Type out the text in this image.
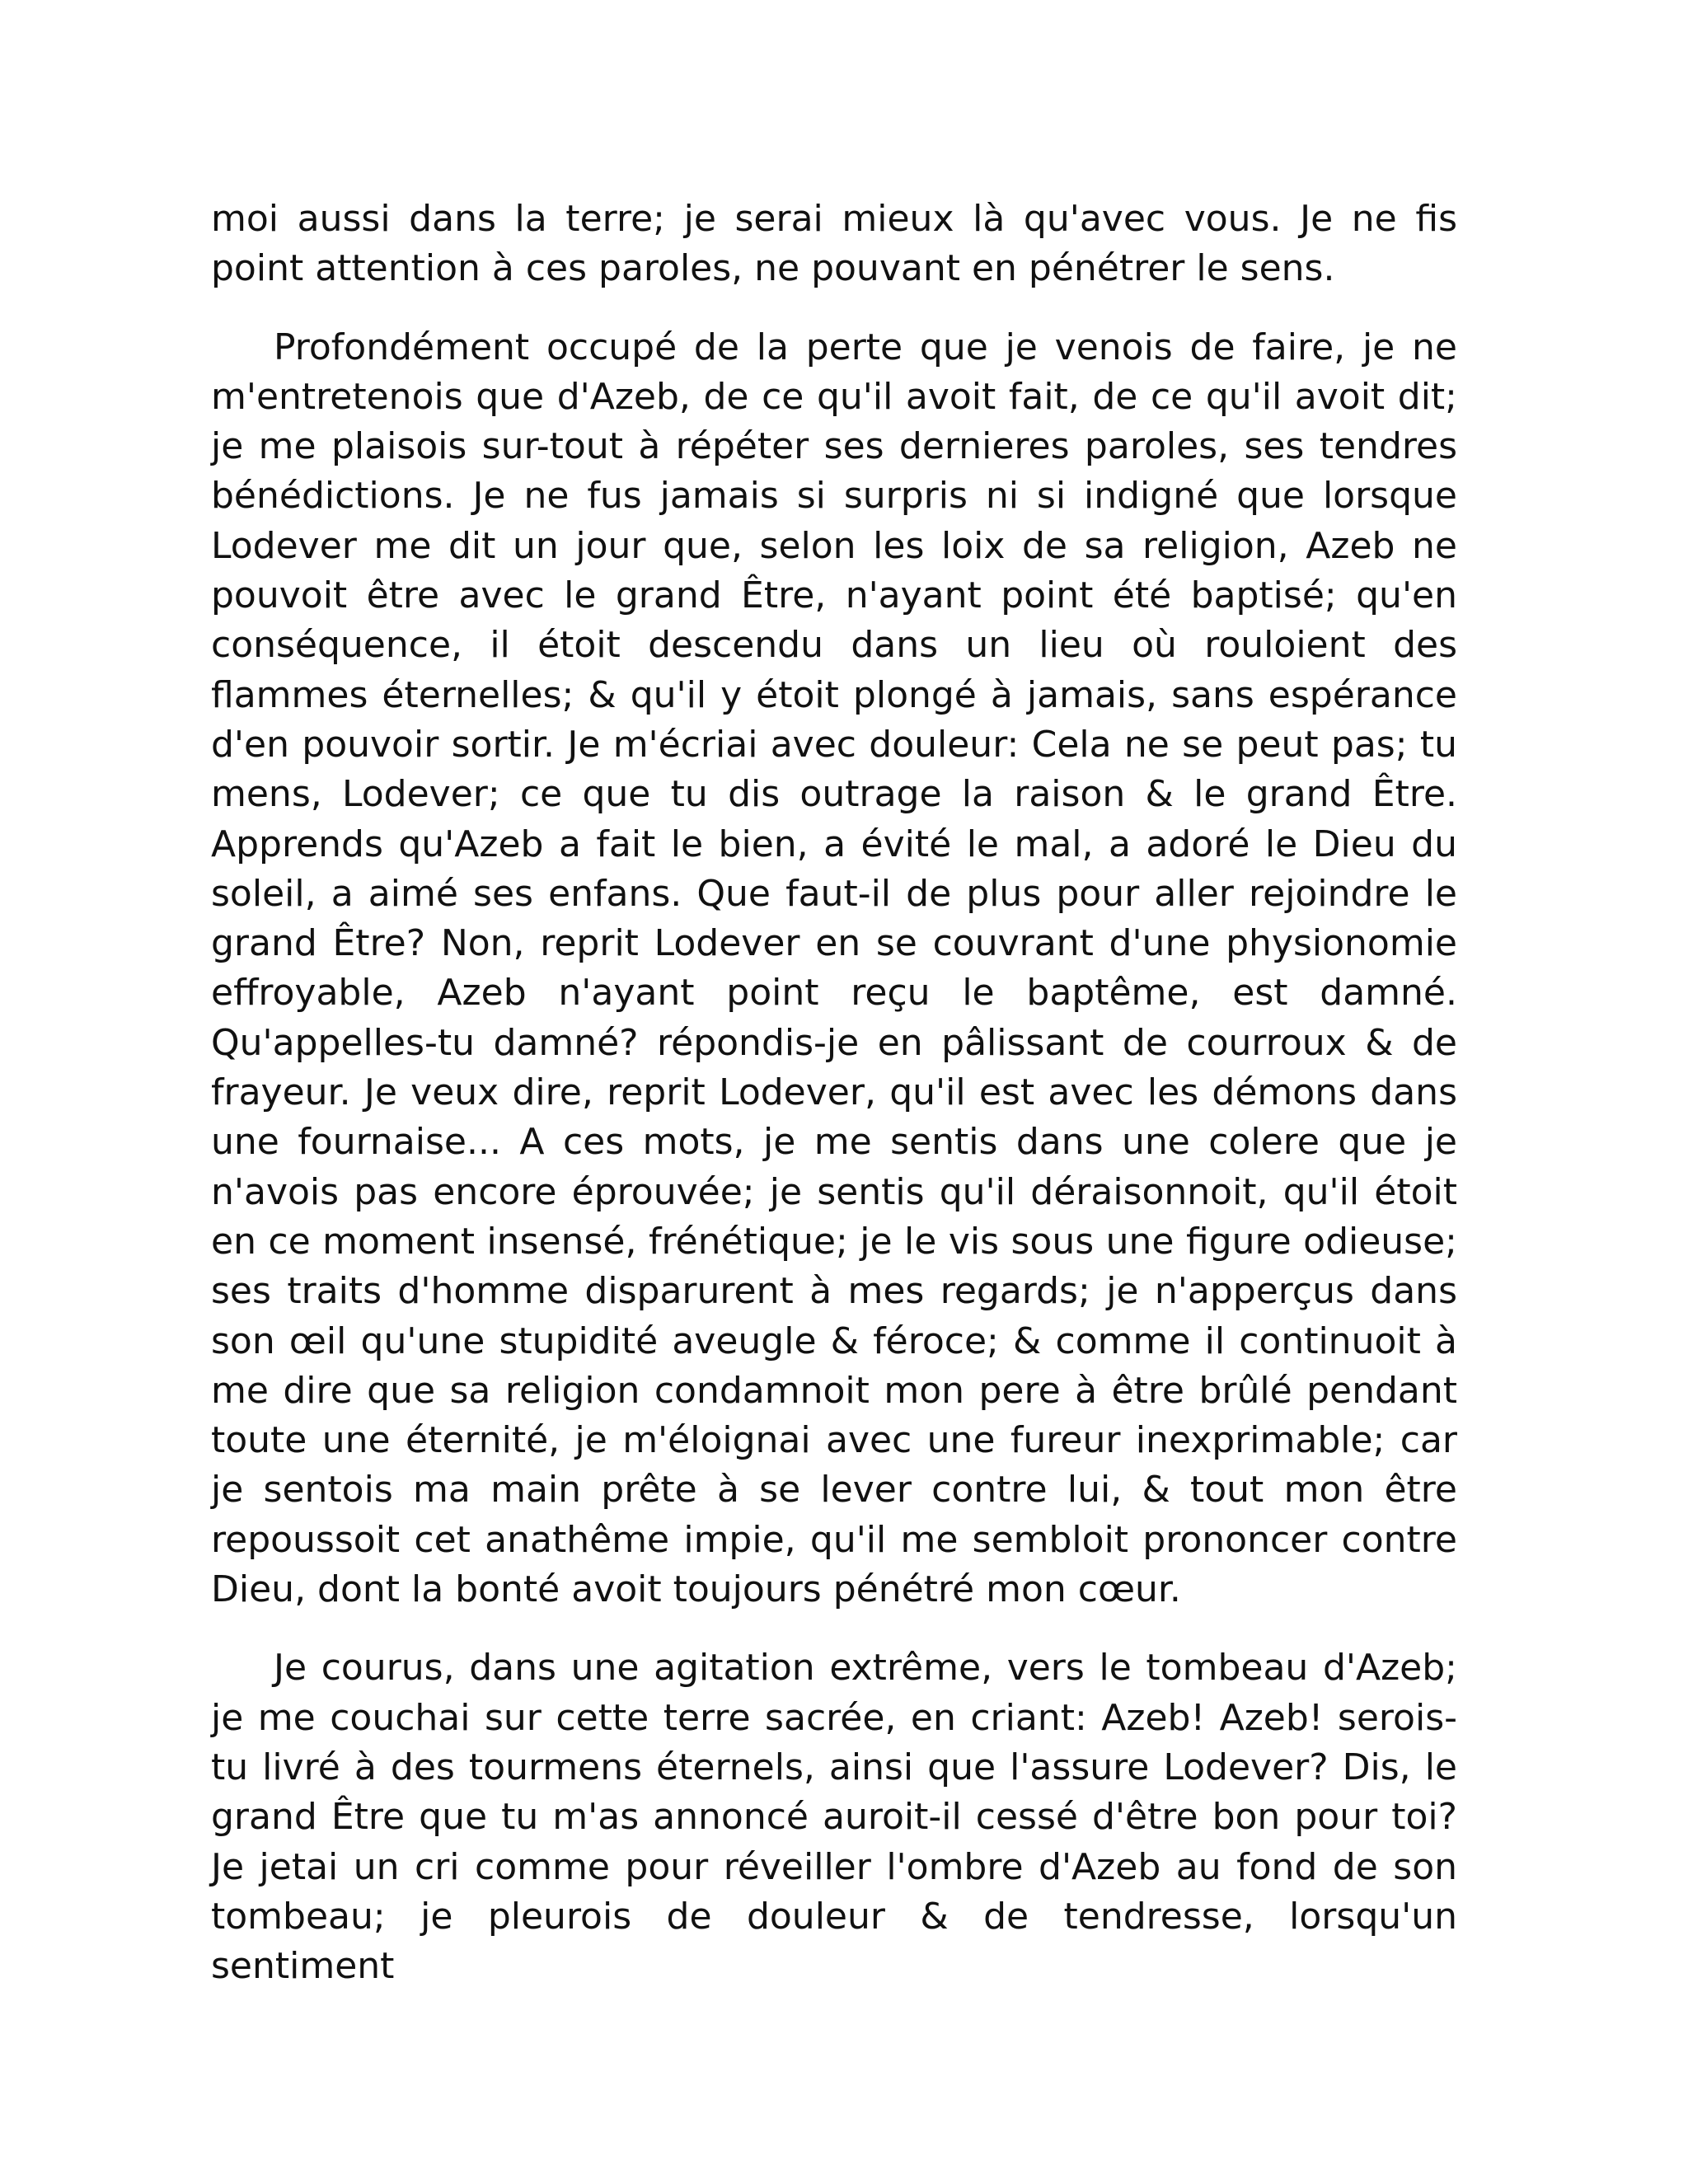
moi aussi dans la terre; je serai mieux là qu'avec vous. Je ne fis point attention à ces paroles, ne pouvant en pénétrer le sens.

Profondément occupé de la perte que je venois de faire, je ne m'entretenois que d'Azeb, de ce qu'il avoit fait, de ce qu'il avoit dit; je me plaisois sur-tout à répéter ses dernieres paroles, ses tendres bénédictions. Je ne fus jamais si surpris ni si indigné que lorsque Lodever me dit un jour que, selon les loix de sa religion, Azeb ne pouvoit être avec le grand Être, n'ayant point été baptisé; qu'en conséquence, il étoit descendu dans un lieu où rouloient des flammes éternelles; & qu'il y étoit plongé à jamais, sans espérance d'en pouvoir sortir. Je m'écriai avec douleur: Cela ne se peut pas; tu mens, Lodever; ce que tu dis outrage la raison & le grand Être. Apprends qu'Azeb a fait le bien, a évité le mal, a adoré le Dieu du soleil, a aimé ses enfans. Que faut-il de plus pour aller rejoindre le grand Être? Non, reprit Lodever en se couvrant d'une physionomie effroyable, Azeb n'ayant point reçu le baptême, est damné. Qu'appelles-tu damné? répondis-je en pâlissant de courroux & de frayeur. Je veux dire, reprit Lodever, qu'il est avec les démons dans une fournaise... A ces mots, je me sentis dans une colere que je n'avois pas encore éprouvée; je sentis qu'il déraisonnoit, qu'il étoit en ce moment insensé, frénétique; je le vis sous une figure odieuse; ses traits d'homme disparurent à mes regards; je n'apperçus dans son œil qu'une stupidité aveugle & féroce; & comme il continuoit à me dire que sa religion condamnoit mon pere à être brûlé pendant toute une éternité, je m'éloignai avec une fureur inexprimable; car je sentois ma main prête à se lever contre lui, & tout mon être repoussoit cet anathême impie, qu'il me sembloit prononcer contre Dieu, dont la bonté avoit toujours pénétré mon cœur.

Je courus, dans une agitation extrême, vers le tombeau d'Azeb; je me couchai sur cette terre sacrée, en criant: Azeb! Azeb! serois-tu livré à des tourmens éternels, ainsi que l'assure Lodever? Dis, le grand Être que tu m'as annoncé auroit-il cessé d'être bon pour toi? Je jetai un cri comme pour réveiller l'ombre d'Azeb au fond de son tombeau; je pleurois de douleur & de tendresse, lorsqu'un sentiment
